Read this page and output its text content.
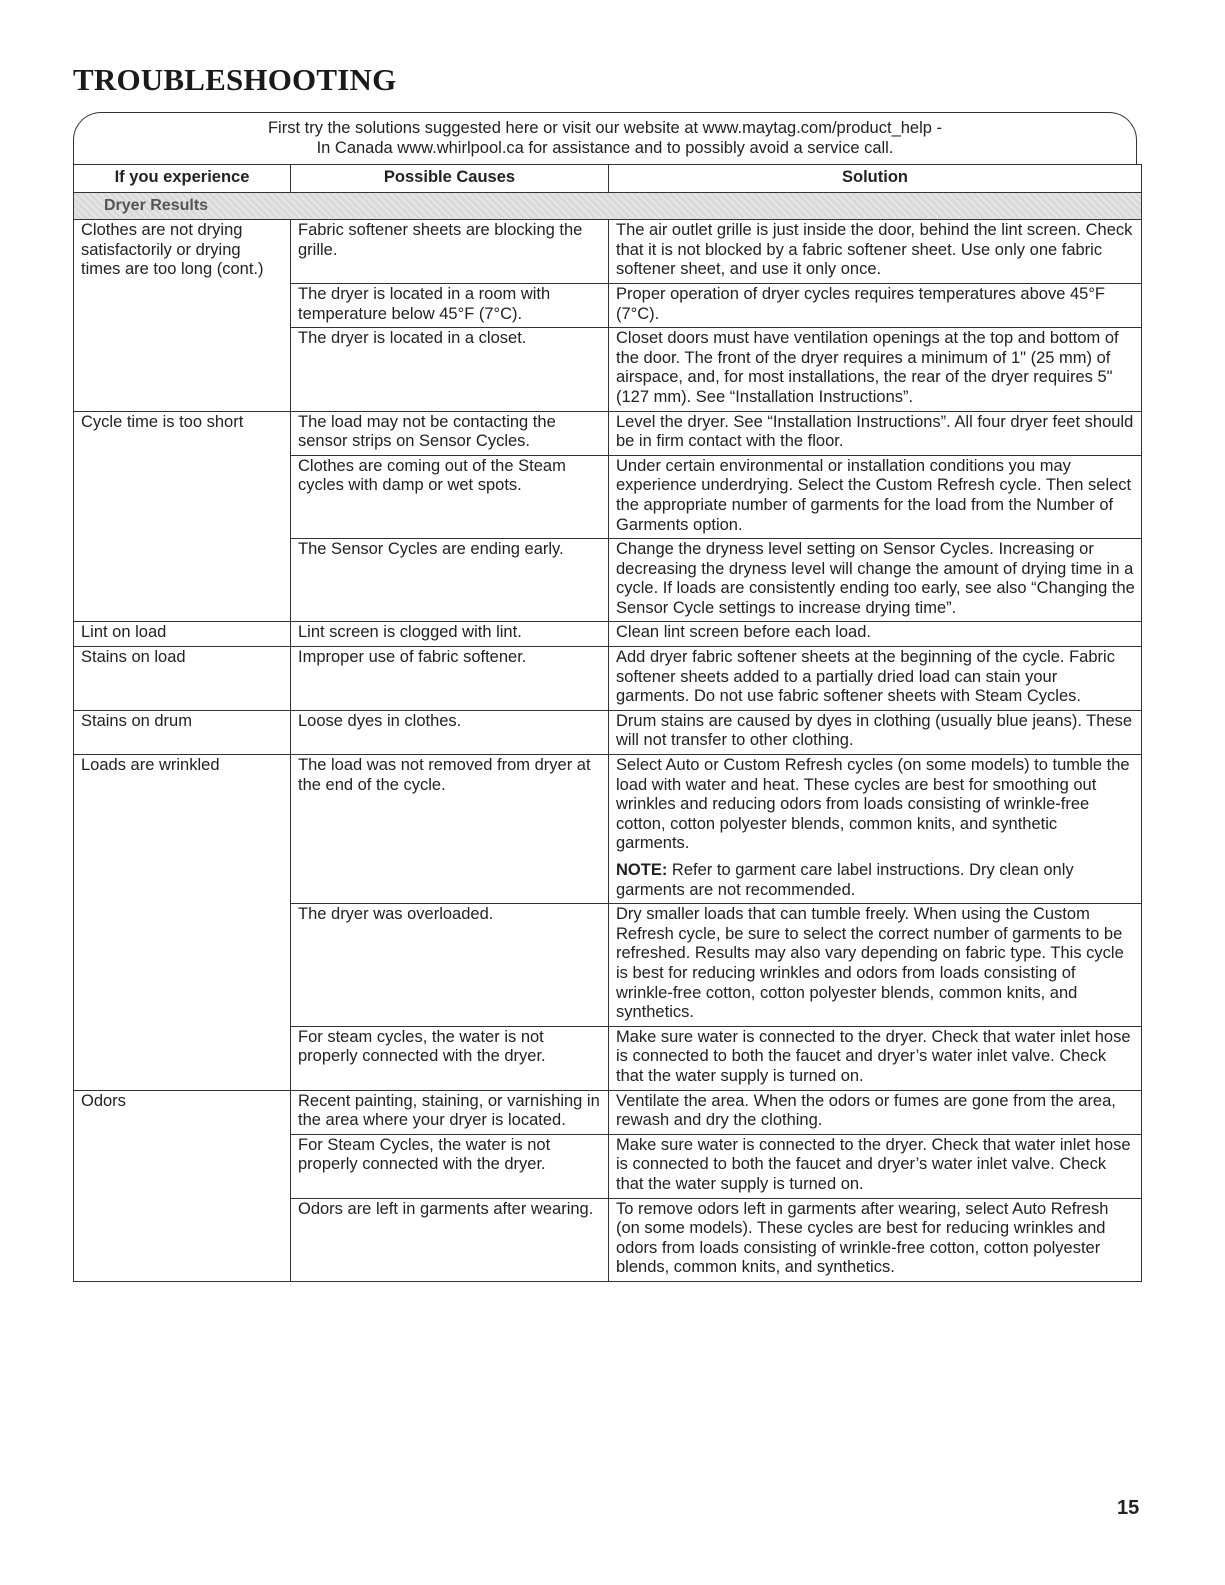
TROUBLESHOOTING
First try the solutions suggested here or visit our website at www.maytag.com/product_help -
In Canada www.whirlpool.ca for assistance and to possibly avoid a service call.
If you experience	Possible Causes	Solution
Dryer Results		
Clothes are not drying satisfactorily or drying times are too long (cont.)	Fabric softener sheets are blocking the grille.	The air outlet grille is just inside the door, behind the lint screen. Check that it is not blocked by a fabric softener sheet. Use only one fabric softener sheet, and use it only once.
	The dryer is located in a room with temperature below 45°F (7°C).	Proper operation of dryer cycles requires temperatures above 45°F (7°C).
	The dryer is located in a closet.	Closet doors must have ventilation openings at the top and bottom of the door. The front of the dryer requires a minimum of 1" (25 mm) of airspace, and, for most installations, the rear of the dryer requires 5" (127 mm). See “Installation Instructions”.
Cycle time is too short	The load may not be contacting the sensor strips on Sensor Cycles.	Level the dryer. See “Installation Instructions”. All four dryer feet should be in firm contact with the floor.
	Clothes are coming out of the Steam cycles with damp or wet spots.	Under certain environmental or installation conditions you may experience underdrying. Select the Custom Refresh cycle. Then select the appropriate number of garments for the load from the Number of Garments option.
	The Sensor Cycles are ending early.	Change the dryness level setting on Sensor Cycles. Increasing or decreasing the dryness level will change the amount of drying time in a cycle. If loads are consistently ending too early, see also “Changing the Sensor Cycle settings to increase drying time”.
Lint on load	Lint screen is clogged with lint.	Clean lint screen before each load.
Stains on load	Improper use of fabric softener.	Add dryer fabric softener sheets at the beginning of the cycle. Fabric softener sheets added to a partially dried load can stain your garments. Do not use fabric softener sheets with Steam Cycles.
Stains on drum	Loose dyes in clothes.	Drum stains are caused by dyes in clothing (usually blue jeans). These will not transfer to other clothing.
Loads are wrinkled	The load was not removed from dryer at the end of the cycle.	Select Auto or Custom Refresh cycles (on some models) to tumble the load with water and heat. These cycles are best for smoothing out wrinkles and reducing odors from loads consisting of wrinkle-free cotton, cotton polyester blends, common knits, and synthetic garments.

NOTE: Refer to garment care label instructions. Dry clean only garments are not recommended.

	The dryer was overloaded.	Dry smaller loads that can tumble freely. When using the Custom Refresh cycle, be sure to select the correct number of garments to be refreshed. Results may also vary depending on fabric type. This cycle is best for reducing wrinkles and odors from loads consisting of wrinkle-free cotton, cotton polyester blends, common knits, and synthetics.
	For steam cycles, the water is not properly connected with the dryer.	Make sure water is connected to the dryer. Check that water inlet hose is connected to both the faucet and dryer’s water inlet valve. Check that the water supply is turned on.
Odors	Recent painting, staining, or varnishing in the area where your dryer is located.	Ventilate the area. When the odors or fumes are gone from the area, rewash and dry the clothing.
	For Steam Cycles, the water is not properly connected with the dryer.	Make sure water is connected to the dryer. Check that water inlet hose is connected to both the faucet and dryer’s water inlet valve. Check that the water supply is turned on.
	Odors are left in garments after wearing.	To remove odors left in garments after wearing, select Auto Refresh (on some models). These cycles are best for reducing wrinkles and odors from loads consisting of wrinkle-free cotton, cotton polyester blends, common knits, and synthetics.
15
